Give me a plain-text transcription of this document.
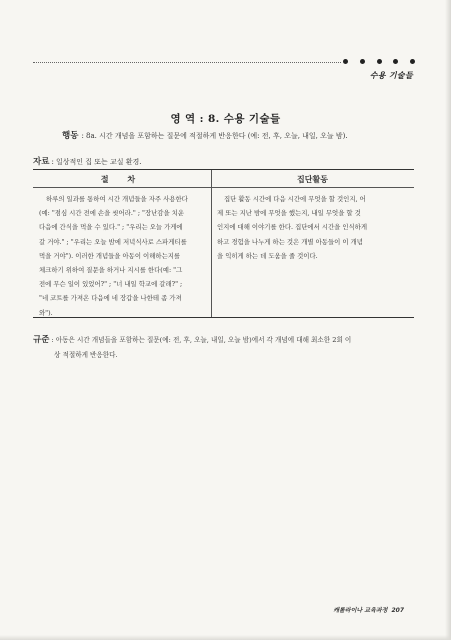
수용 기술들
영 역 : 8. 수용 기술들
행동 : 8a. 시간 개념을 포함하는 질문에 적절하게 반응한다 (예: 전, 후, 오늘, 내일, 오늘 밤).
자료 : 일상적인 집 또는 교실 환경.
절 차	집단활동
하루의 일과를 통하여 시간 개념들을 자주 사용한다
(예: "점심 시간 전에 손을 씻어라." ; "장난감을 치운
다음에 간식을 먹을 수 있다." ; "우리는 오늘 가게에
갈 거야." ; "우리는 오늘 밤에 저녁식사로 스파게티를
먹을 거야"). 이러한 개념들을 아동이 이해하는지를
체크하기 위하여 질문을 하거나 지시를 한다(예: "그
전에 무슨 일이 있었어?" ; "너 내일 학교에 갈래?" ;
"네 코트를 가져온 다음에 네 장갑을 나한테 좀 가져
와").
집단 활동 시간에 다음 시간에 무엇을 할 것인지, 어
제 또는 지난 밤에 무엇을 했는지, 내일 무엇을 할 것
인지에 대해 이야기를 한다. 집단에서 시간을 인식하게
하고 경험을 나누게 하는 것은 개별 아동들이 이 개념
을 익히게 하는 데 도움을 줄 것이다.
규준 : 아동은 시간 개념들을 포함하는 질문(예: 전, 후, 오늘, 내일, 오늘 밤)에서 각 개념에 대해 최소한 2회 이
상 적절하게 반응한다.
캐롤라이나 교육과정 207
